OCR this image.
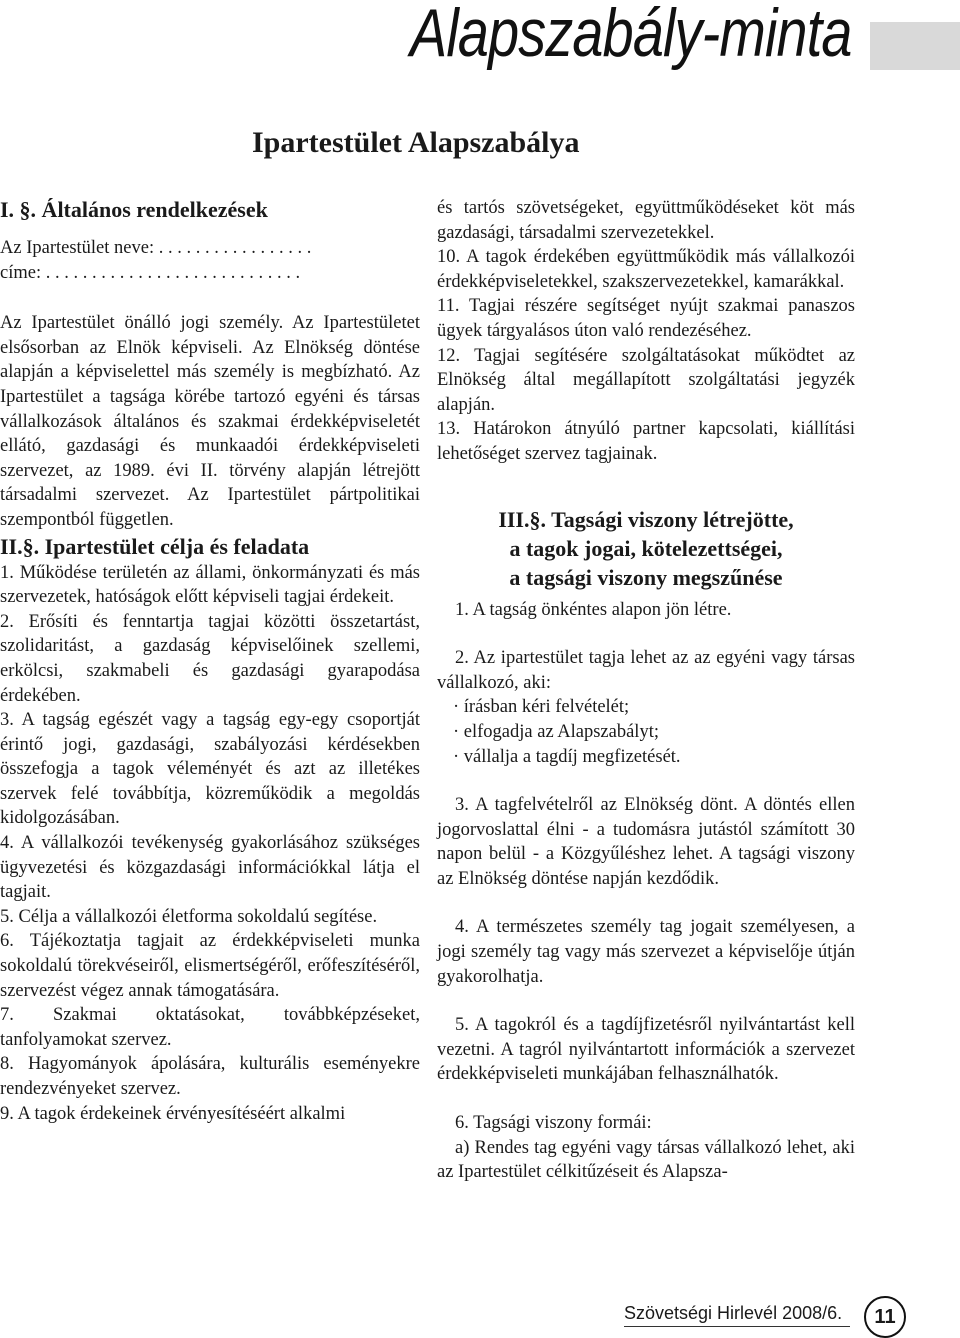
Alapszabály-minta
Ipartestület Alapszabálya

I. §. Általános rendelkezések

Az Ipartestület neve: . . . . . . . . . . . . . . . . .

címe: . . . . . . . . . . . . . . . . . . . . . . . . . . . .

Az Ipartestület önálló jogi személy. Az Ipartestületet elsősorban az Elnök képviseli. Az Elnökség döntése alapján a képviselettel más személy is megbízható. Az Ipartestület a tagsága körébe tartozó egyéni és társas vállalkozások általános és szakmai érdekképviseletét ellátó, gazdasági és munkaadói érdekképviseleti szervezet, az 1989. évi II. törvény alapján létrejött társadalmi szervezet. Az Ipartestület pártpolitikai szempontból független.

II.§. Ipartestület célja és feladata

1. Működése területén az állami, önkormányzati és más szervezetek, hatóságok előtt képviseli tagjai érdekeit.

2. Erősíti és fenntartja tagjai közötti összetartást, szolidaritást, a gazdaság képviselőinek szellemi, erkölcsi, szakmabeli és gazdasági gyarapodása érdekében.

3. A tagság egészét vagy a tagság egy-egy csoportját érintő jogi, gazdasági, szabályozási kérdésekben összefogja a tagok véleményét és azt az illetékes szervek felé továbbítja, közreműködik a megoldás kidolgozásában.

4. A vállalkozói tevékenység gyakorlásához szükséges ügyvezetési és közgazdasági információkkal látja el tagjait.

5. Célja a vállalkozói életforma sokoldalú segítése.

6. Tájékoztatja tagjait az érdekképviseleti munka sokoldalú törekvéseiről, elismertségéről, erőfeszítéséről, szervezést végez annak támogatására.

7. Szakmai oktatásokat, továbbképzéseket, tanfolyamokat szervez.

8. Hagyományok ápolására, kulturális eseményekre rendezvényeket szervez.

9. A tagok érdekeinek érvényesítéséért alkalmi

és tartós szövetségeket, együttműködéseket köt más gazdasági, társadalmi szervezetekkel.

10. A tagok érdekében együttműködik más vállalkozói érdekképviseletekkel, szakszervezetekkel, kamarákkal.

11. Tagjai részére segítséget nyújt szakmai panaszos ügyek tárgyalásos úton való rendezéséhez.

12. Tagjai segítésére szolgáltatásokat működtet az Elnökség által megállapított szolgáltatási jegyzék alapján.

13. Határokon átnyúló partner kapcsolati, kiállítási lehetőséget szervez tagjainak.

III.§. Tagsági viszony létrejötte,
a tagok jogai, kötelezettségei,
a tagsági viszony megszűnése

1. A tagság önkéntes alapon jön létre.

2. Az ipartestület tagja lehet az az egyéni vagy társas vállalkozó, aki:

· írásban kéri felvételét;

· elfogadja az Alapszabályt;

· vállalja a tagdíj megfizetését.

3. A tagfelvételről az Elnökség dönt. A döntés ellen jogorvoslattal élni - a tudomásra jutástól számított 30 napon belül - a Közgyűléshez lehet. A tagsági viszony az Elnökség döntése napján kezdődik.

4. A természetes személy tag jogait személyesen, a jogi személy tag vagy más szervezet a képviselője útján gyakorolhatja.

5. A tagokról és a tagdíjfizetésről nyilvántartást kell vezetni. A tagról nyilvántartott információk a szervezet érdekképviseleti munkájában felhasználhatók.

6. Tagsági viszony formái:

a) Rendes tag egyéni vagy társas vállalkozó lehet, aki az Ipartestület célkitűzéseit és Alapsza-

Szövetségi Hirlevél 2008/6.	11
